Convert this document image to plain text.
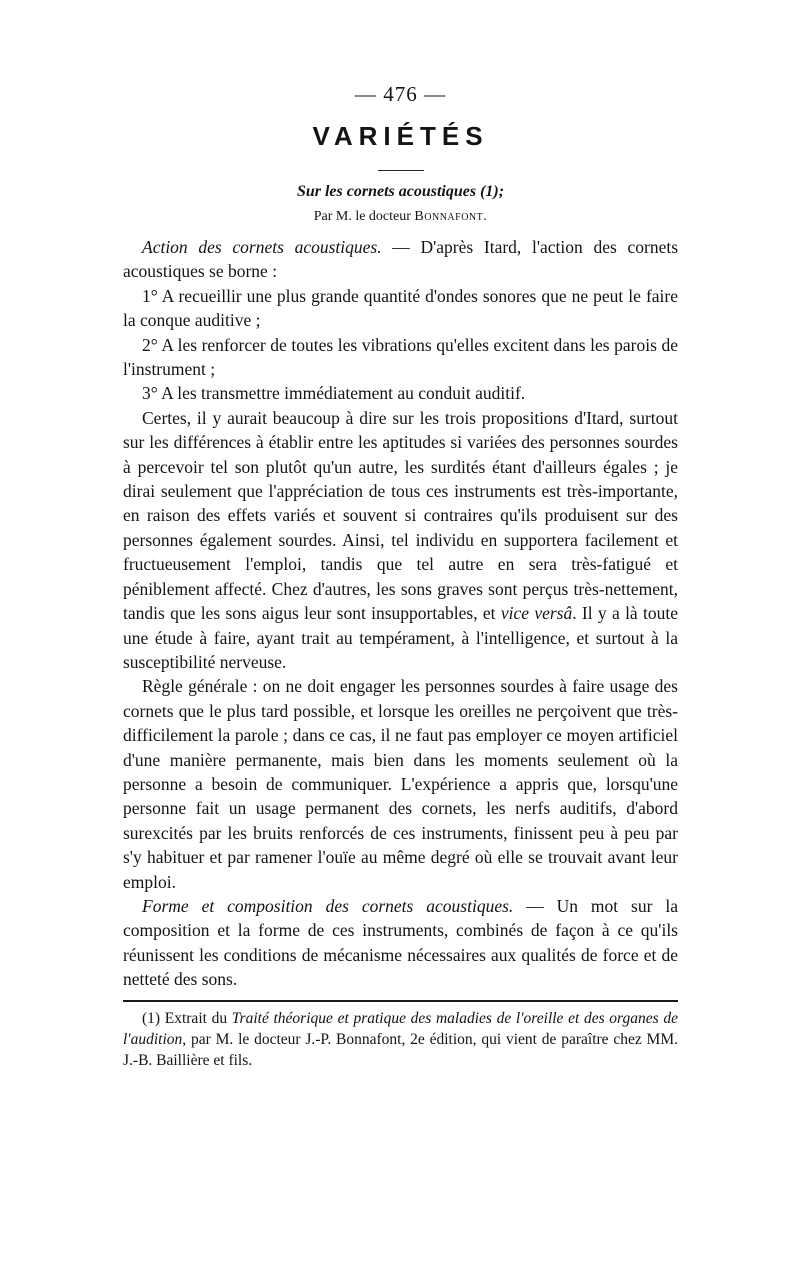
— 476 —
VARIÉTÉS
Sur les cornets acoustiques (1);
Par M. le docteur Bonnafont.

Action des cornets acoustiques. — D'après Itard, l'action des cornets acoustiques se borne :

1° A recueillir une plus grande quantité d'ondes sonores que ne peut le faire la conque auditive ;

2° A les renforcer de toutes les vibrations qu'elles excitent dans les parois de l'instrument ;

3° A les transmettre immédiatement au conduit auditif.

Certes, il y aurait beaucoup à dire sur les trois propositions d'Itard, surtout sur les différences à établir entre les aptitudes si variées des personnes sourdes à percevoir tel son plutôt qu'un autre, les surdités étant d'ailleurs égales ; je dirai seulement que l'appréciation de tous ces instruments est très-importante, en raison des effets variés et souvent si contraires qu'ils produisent sur des personnes également sourdes. Ainsi, tel individu en supportera facilement et fructueusement l'emploi, tandis que tel autre en sera très-fatigué et péniblement affecté. Chez d'autres, les sons graves sont perçus très-nettement, tandis que les sons aigus leur sont insupportables, et vice versâ. Il y a là toute une étude à faire, ayant trait au tempérament, à l'intelligence, et surtout à la susceptibilité nerveuse.

Règle générale : on ne doit engager les personnes sourdes à faire usage des cornets que le plus tard possible, et lorsque les oreilles ne perçoivent que très-difficilement la parole ; dans ce cas, il ne faut pas employer ce moyen artificiel d'une manière permanente, mais bien dans les moments seulement où la personne a besoin de communiquer. L'expérience a appris que, lorsqu'une personne fait un usage permanent des cornets, les nerfs auditifs, d'abord surexcités par les bruits renforcés de ces instruments, finissent peu à peu par s'y habituer et par ramener l'ouïe au même degré où elle se trouvait avant leur emploi.

Forme et composition des cornets acoustiques. — Un mot sur la composition et la forme de ces instruments, combinés de façon à ce qu'ils réunissent les conditions de mécanisme nécessaires aux qualités de force et de netteté des sons.

(1) Extrait du Traité théorique et pratique des maladies de l'oreille et des organes de l'audition, par M. le docteur J.-P. Bonnafont, 2e édition, qui vient de paraître chez MM. J.-B. Baillière et fils.
